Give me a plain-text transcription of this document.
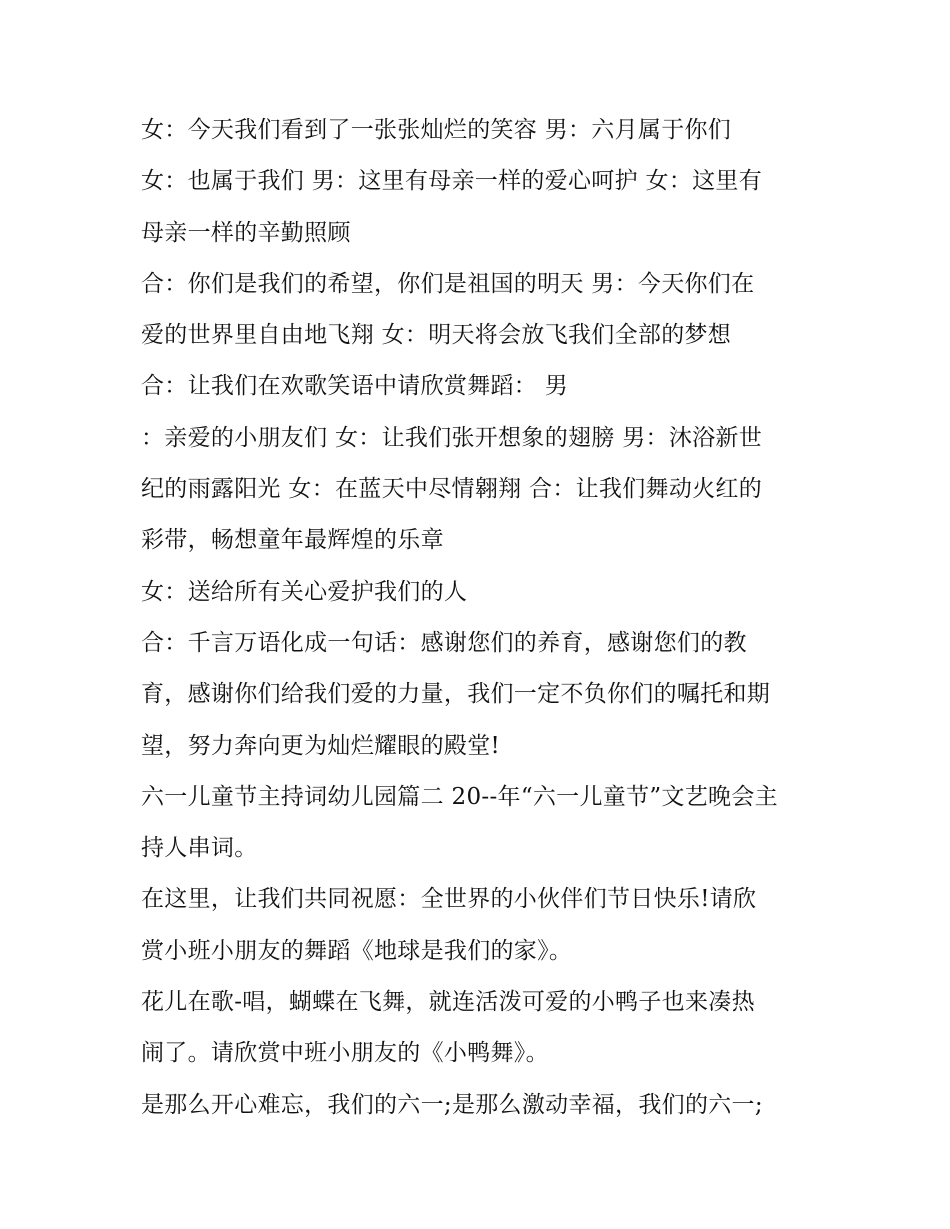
女：今天我们看到了一张张灿烂的笑容 男：六月属于你们
女：也属于我们 男：这里有母亲一样的爱心呵护 女：这里有
母亲一样的辛勤照顾
合：你们是我们的希望，你们是祖国的明天 男：今天你们在
爱的世界里自由地飞翔 女：明天将会放飞我们全部的梦想
合：让我们在欢歌笑语中请欣赏舞蹈： 男
：亲爱的小朋友们 女：让我们张开想象的翅膀 男：沐浴新世
纪的雨露阳光 女：在蓝天中尽情翱翔 合：让我们舞动火红的
彩带，畅想童年最辉煌的乐章
女：送给所有关心爱护我们的人
合：千言万语化成一句话：感谢您们的养育，感谢您们的教
育，感谢你们给我们爱的力量，我们一定不负你们的嘱托和期
望，努力奔向更为灿烂耀眼的殿堂!
六一儿童节主持词幼儿园篇二 20--年“六一儿童节”文艺晚会主
持人串词。
在这里，让我们共同祝愿：全世界的小伙伴们节日快乐!请欣
赏小班小朋友的舞蹈《地球是我们的家》。
花儿在歌-唱，蝴蝶在飞舞，就连活泼可爱的小鸭子也来凑热
闹了。请欣赏中班小朋友的《小鸭舞》。
是那么开心难忘，我们的六一;是那么激动幸福，我们的六一;
